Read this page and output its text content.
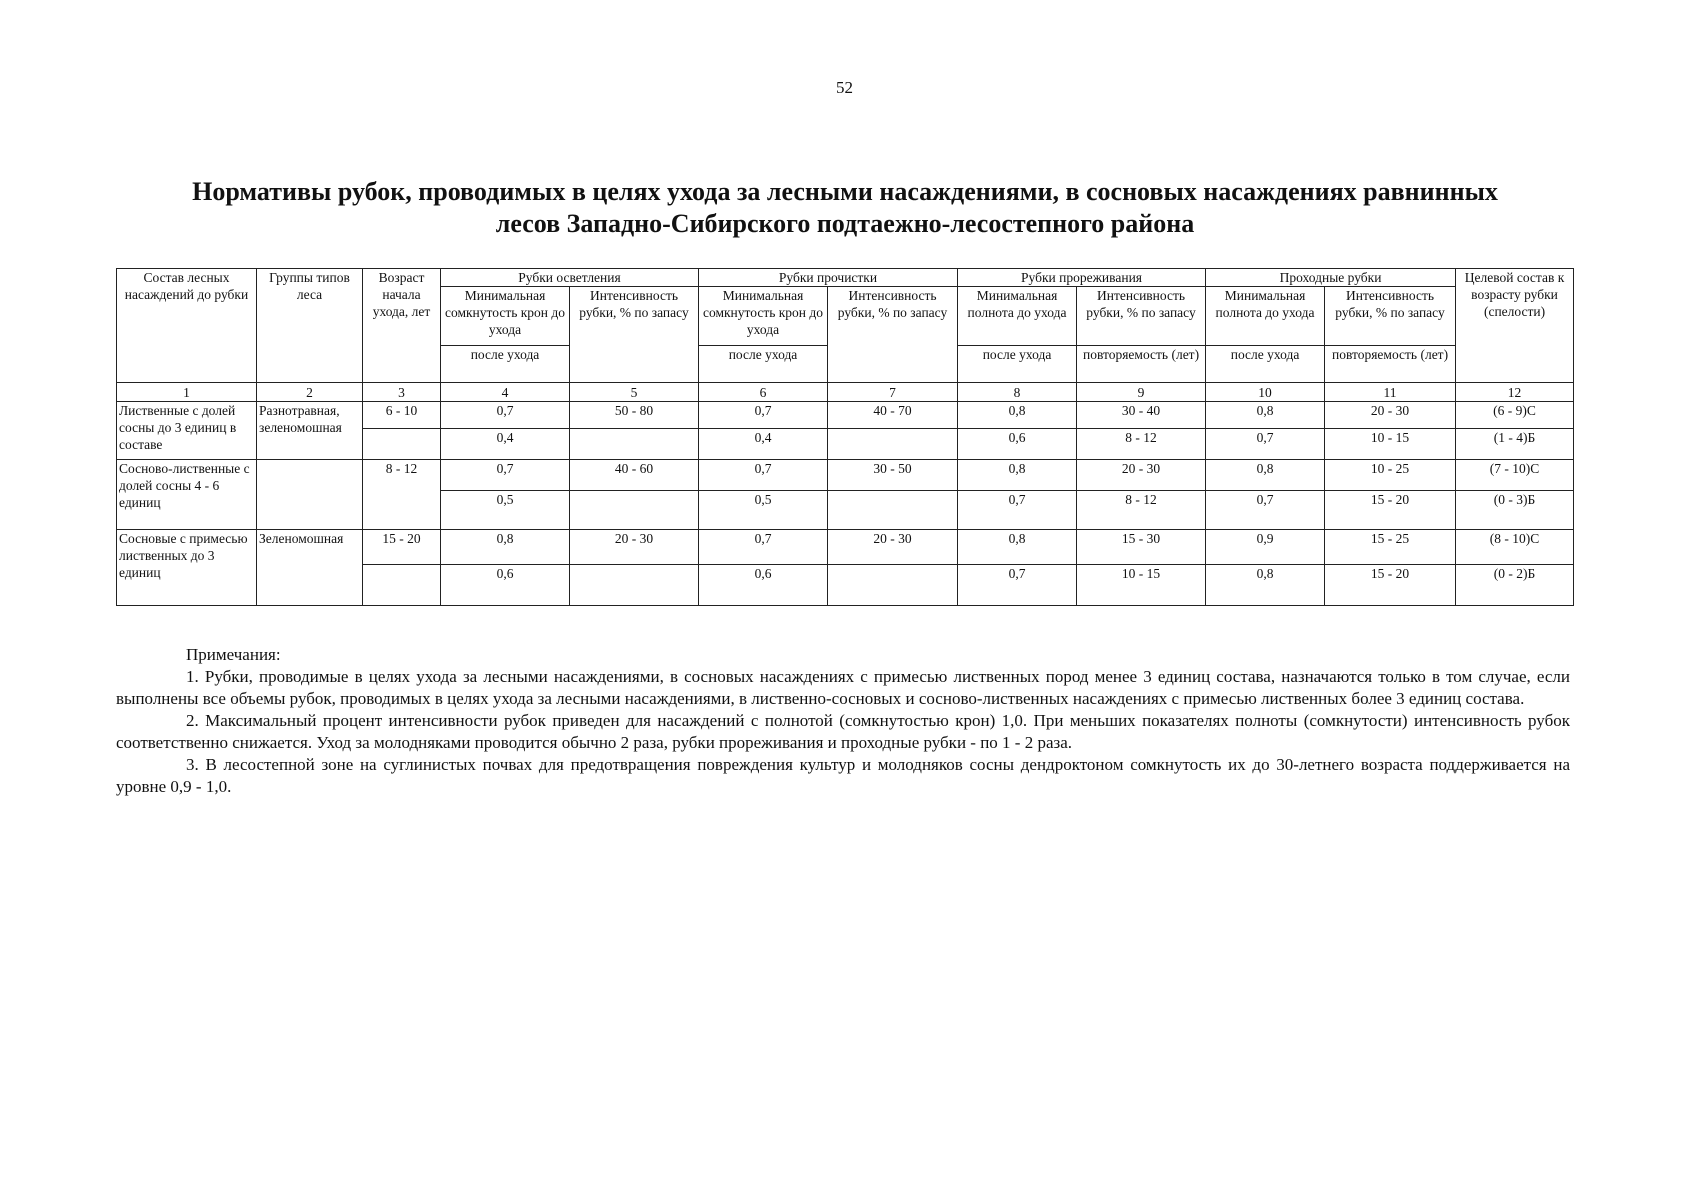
52
Нормативы рубок, проводимых в целях ухода за лесными насаждениями, в сосновых насаждениях равнинных
лесов Западно-Сибирского подтаежно-лесостепного района
Состав лесных насаждений до рубки	Группы типов леса	Возраст начала ухода, лет	Рубки осветления		Рубки прочистки		Рубки прореживания		Проходные рубки		Целевой состав к возрасту рубки (спелости)
			Минимальная сомкнутость крон до ухода	Интенсивность рубки, % по запасу	Минимальная сомкнутость крон до ухода	Интенсивность рубки, % по запасу	Минимальная полнота до ухода	Интенсивность рубки, % по запасу	Минимальная полнота до ухода	Интенсивность рубки, % по запасу	
			после ухода		после ухода		после ухода	повторяемость (лет)	после ухода	повторяемость (лет)	
1	2	3	4	5	6	7	8	9	10	11	12
Лиственные с долей сосны до 3 единиц в составе	Разнотравная, зеленомошная	6 - 10	0,7	50 - 80	0,7	40 - 70	0,8	30 - 40	0,8	20 - 30	(6 - 9)С
			0,4		0,4		0,6	8 - 12	0,7	10 - 15	(1 - 4)Б
Сосново-лиственные с долей сосны 4 - 6 единиц		8 - 12	0,7	40 - 60	0,7	30 - 50	0,8	20 - 30	0,8	10 - 25	(7 - 10)С
			0,5		0,5		0,7	8 - 12	0,7	15 - 20	(0 - 3)Б
Сосновые с примесью лиственных до 3 единиц	Зеленомошная	15 - 20	0,8	20 - 30	0,7	20 - 30	0,8	15 - 30	0,9	15 - 25	(8 - 10)С
			0,6		0,6		0,7	10 - 15	0,8	15 - 20	(0 - 2)Б

Примечания:

1. Рубки, проводимые в целях ухода за лесными насаждениями, в сосновых насаждениях с примесью лиственных пород менее 3 единиц состава, назначаются только в том случае, если выполнены все объемы рубок, проводимых в целях ухода за лесными насаждениями, в лиственно-сосновых и сосново-лиственных насаждениях с примесью лиственных более 3 единиц состава.

2. Максимальный процент интенсивности рубок приведен для насаждений с полнотой (сомкнутостью крон) 1,0. При меньших показателях полноты (сомкнутости) интенсивность рубок соответственно снижается. Уход за молодняками проводится обычно 2 раза, рубки прореживания и проходные рубки - по 1 - 2 раза.

3. В лесостепной зоне на суглинистых почвах для предотвращения повреждения культур и молодняков сосны дендроктоном сомкнутость их до 30-летнего возраста поддерживается на уровне 0,9 - 1,0.
